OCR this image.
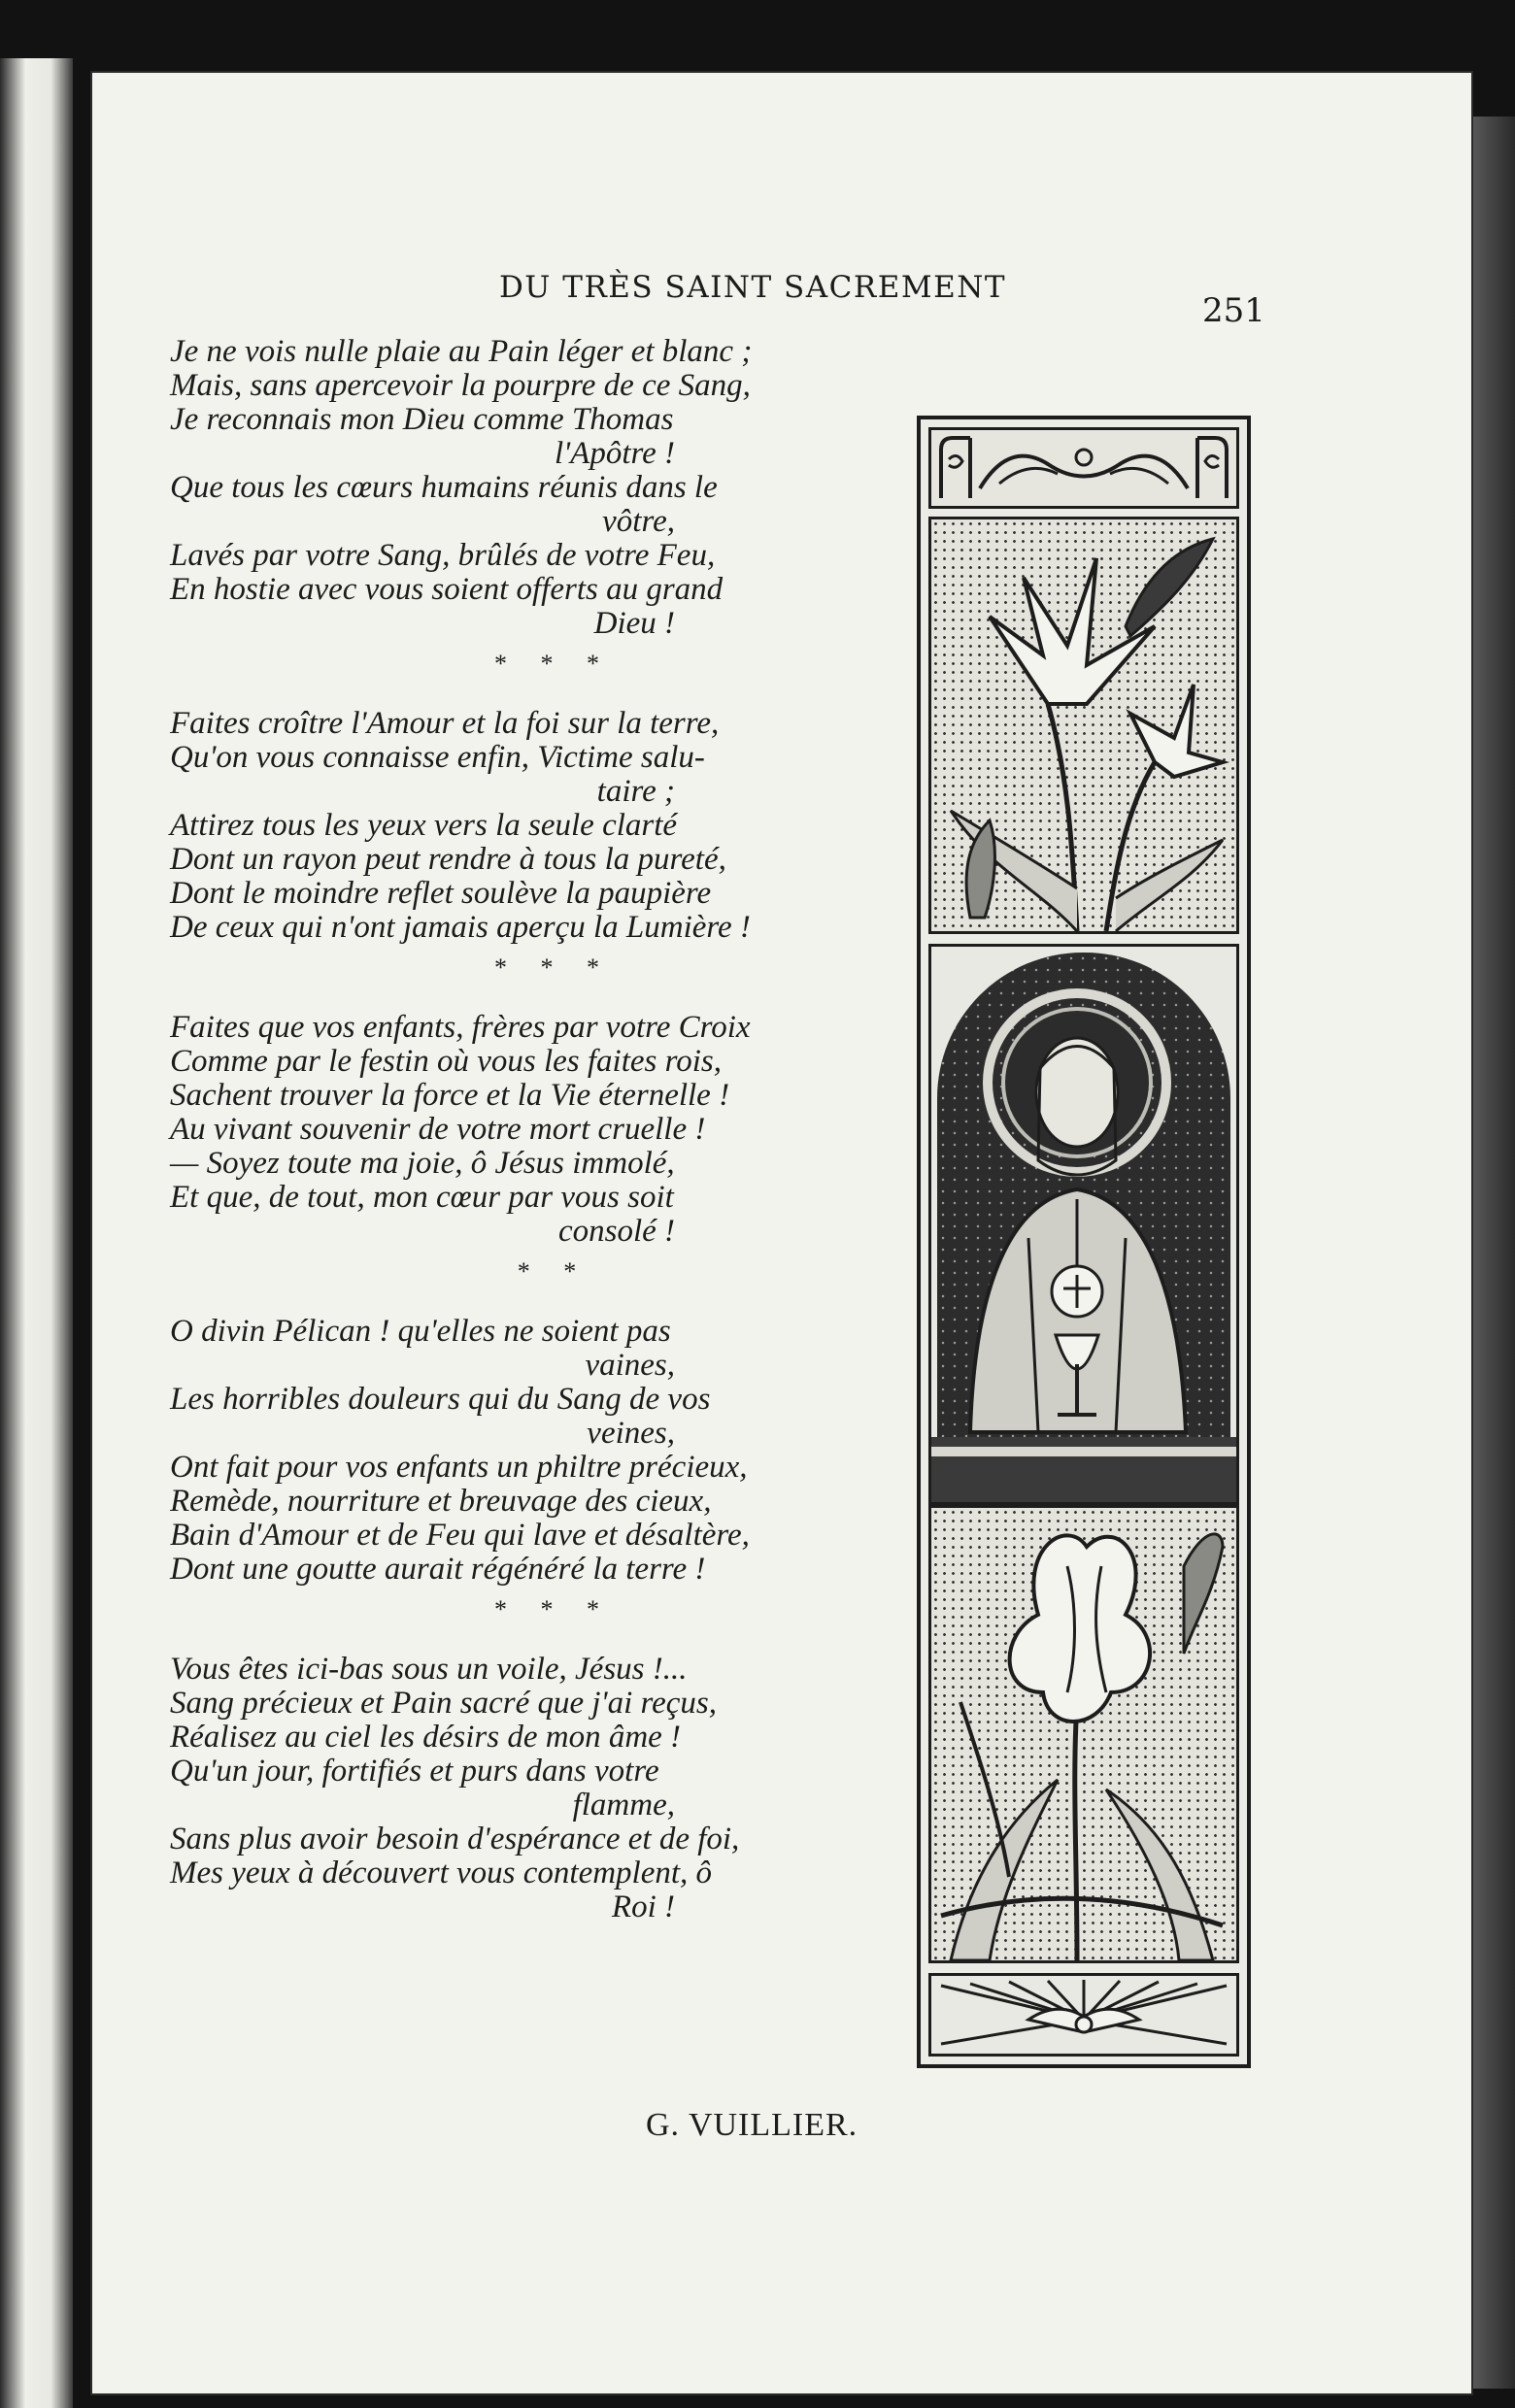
DU TRÈS SAINT SACREMENT
251
Je ne vois nulle plaie au Pain léger et blanc ;
Mais, sans apercevoir la pourpre de ce Sang,
Je reconnais mon Dieu comme Thomas
l'Apôtre !
Que tous les cœurs humains réunis dans le
vôtre,
Lavés par votre Sang, brûlés de votre Feu,
En hostie avec vous soient offerts au grand
Dieu !
* * *
Faites croître l'Amour et la foi sur la terre,
Qu'on vous connaisse enfin, Victime salu-
taire ;
Attirez tous les yeux vers la seule clarté
Dont un rayon peut rendre à tous la pureté,
Dont le moindre reflet soulève la paupière
De ceux qui n'ont jamais aperçu la Lumière !
* * *
Faites que vos enfants, frères par votre Croix
Comme par le festin où vous les faites rois,
Sachent trouver la force et la Vie éternelle !
Au vivant souvenir de votre mort cruelle !
— Soyez toute ma joie, ô Jésus immolé,
Et que, de tout, mon cœur par vous soit
consolé !
* *
O divin Pélican ! qu'elles ne soient pas
vaines,
Les horribles douleurs qui du Sang de vos
veines,
Ont fait pour vos enfants un philtre précieux,
Remède, nourriture et breuvage des cieux,
Bain d'Amour et de Feu qui lave et désaltère,
Dont une goutte aurait régénéré la terre !
* * *
Vous êtes ici-bas sous un voile, Jésus !...
Sang précieux et Pain sacré que j'ai reçus,
Réalisez au ciel les désirs de mon âme !
Qu'un jour, fortifiés et purs dans votre
flamme,
Sans plus avoir besoin d'espérance et de foi,
Mes yeux à découvert vous contemplent, ô
Roi !
G. VUILLIER.
